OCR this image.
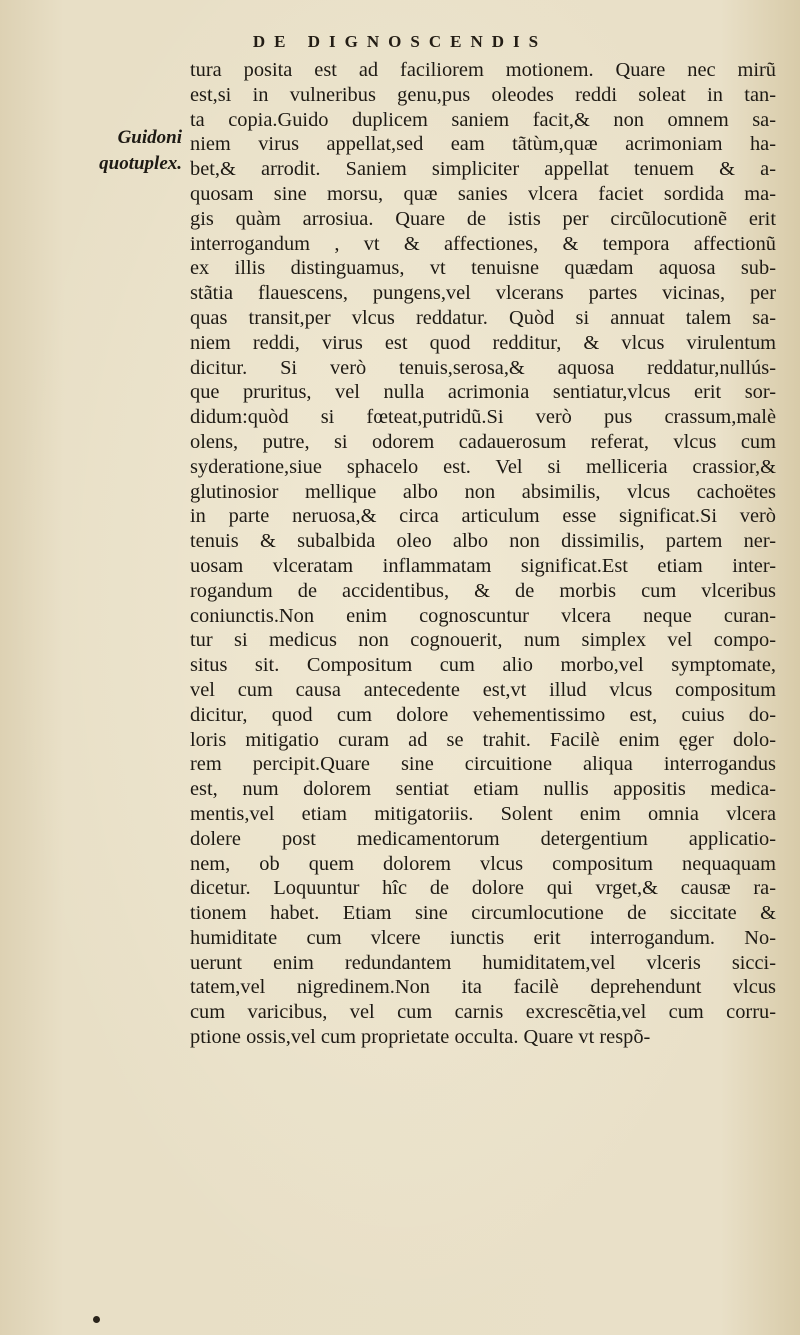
DE DIGNOSCENDIS
Guidoni
quotuplex.
tura posita est ad faciliorem motionem. Quare nec mirũ
est,si in vulneribus genu,pus oleodes reddi soleat in tan-
ta copia.Guido duplicem saniem facit,& non omnem sa-
niem virus appellat,sed eam tãtùm,quæ acrimoniam ha-
bet,& arrodit. Saniem simpliciter appellat tenuem & a-
quosam sine morsu, quæ sanies vlcera faciet sordida ma-
gis quàm arrosiua. Quare de istis per circũlocutionẽ erit
interrogandum , vt & affectiones, & tempora affectionũ
ex illis distinguamus, vt tenuisne quædam aquosa sub-
stãtia flauescens, pungens,vel vlcerans partes vicinas, per
quas transit,per vlcus reddatur. Quòd si annuat talem sa-
niem reddi, virus est quod redditur, & vlcus virulentum
dicitur. Si verò tenuis,serosa,& aquosa reddatur,nullús-
que pruritus, vel nulla acrimonia sentiatur,vlcus erit sor-
didum:quòd si fœteat,putridũ.Si verò pus crassum,malè
olens, putre, si odorem cadauerosum referat, vlcus cum
syderatione,siue sphacelo est. Vel si melliceria crassior,&
glutinosior mellique albo non absimilis, vlcus cachoëtes
in parte neruosa,& circa articulum esse significat.Si verò
tenuis & subalbida oleo albo non dissimilis, partem ner-
uosam vlceratam inflammatam significat.Est etiam inter-
rogandum de accidentibus, & de morbis cum vlceribus
coniunctis.Non enim cognoscuntur vlcera neque curan-
tur si medicus non cognouerit, num simplex vel compo-
situs sit. Compositum cum alio morbo,vel symptomate,
vel cum causa antecedente est,vt illud vlcus compositum
dicitur, quod cum dolore vehementissimo est, cuius do-
loris mitigatio curam ad se trahit. Facilè enim ęger dolo-
rem percipit.Quare sine circuitione aliqua interrogandus
est, num dolorem sentiat etiam nullis appositis medica-
mentis,vel etiam mitigatoriis. Solent enim omnia vlcera
dolere post medicamentorum detergentium applicatio-
nem, ob quem dolorem vlcus compositum nequaquam
dicetur. Loquuntur hîc de dolore qui vrget,& causæ ra-
tionem habet. Etiam sine circumlocutione de siccitate &
humiditate cum vlcere iunctis erit interrogandum. No-
uerunt enim redundantem humiditatem,vel vlceris sicci-
tatem,vel nigredinem.Non ita facilè deprehendunt vlcus
cum varicibus, vel cum carnis excrescẽtia,vel cum corru-
ptione ossis,vel cum proprietate occulta. Quare vt respõ-
